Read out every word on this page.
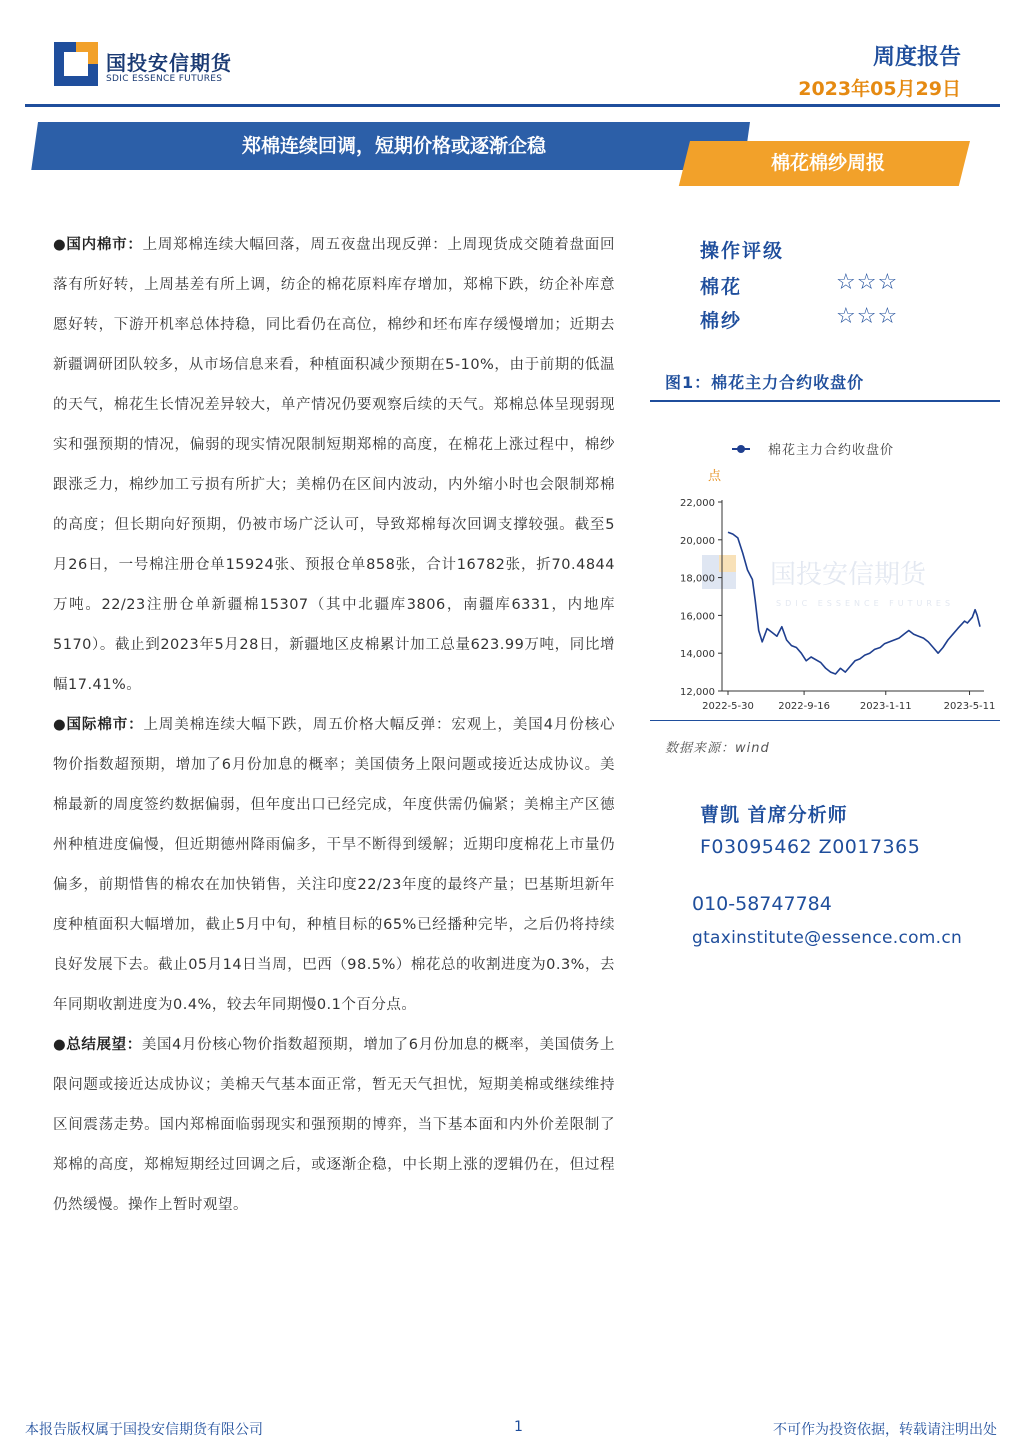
国投安信期货
SDIC ESSENCE FUTURES
周度报告
2023年05月29日
郑棉连续回调，短期价格或逐渐企稳
棉花棉纱周报

●国内棉市：上周郑棉连续大幅回落，周五夜盘出现反弹：上周现货成交随着盘面回落有所好转，上周基差有所上调，纺企的棉花原料库存增加，郑棉下跌，纺企补库意愿好转，下游开机率总体持稳，同比看仍在高位，棉纱和坯布库存缓慢增加；近期去新疆调研团队较多，从市场信息来看，种植面积减少预期在5-10%，由于前期的低温的天气，棉花生长情况差异较大，单产情况仍要观察后续的天气。郑棉总体呈现弱现实和强预期的情况，偏弱的现实情况限制短期郑棉的高度，在棉花上涨过程中，棉纱跟涨乏力，棉纱加工亏损有所扩大；美棉仍在区间内波动，内外缩小时也会限制郑棉的高度；但长期向好预期，仍被市场广泛认可，导致郑棉每次回调支撑较强。截至5月26日，一号棉注册仓单15924张、预报仓单858张，合计16782张，折70.4844万吨。22/23注册仓单新疆棉15307（其中北疆库3806，南疆库6331，内地库5170）。截止到2023年5月28日，新疆地区皮棉累计加工总量623.99万吨，同比增幅17.41%。

●国际棉市：上周美棉连续大幅下跌，周五价格大幅反弹：宏观上，美国4月份核心物价指数超预期，增加了6月份加息的概率；美国债务上限问题或接近达成协议。美棉最新的周度签约数据偏弱，但年度出口已经完成，年度供需仍偏紧；美棉主产区德州种植进度偏慢，但近期德州降雨偏多，干旱不断得到缓解；近期印度棉花上市量仍偏多，前期惜售的棉农在加快销售，关注印度22/23年度的最终产量；巴基斯坦新年度种植面积大幅增加，截止5月中旬，种植目标的65%已经播种完毕，之后仍将持续良好发展下去。截止05月14日当周，巴西（98.5%）棉花总的收割进度为0.3%，去年同期收割进度为0.4%，较去年同期慢0.1个百分点。

●总结展望：美国4月份核心物价指数超预期，增加了6月份加息的概率，美国债务上限问题或接近达成协议；美棉天气基本面正常，暂无天气担忧，短期美棉或继续维持区间震荡走势。国内郑棉面临弱现实和强预期的博弈，当下基本面和内外价差限制了郑棉的高度，郑棉短期经过回调之后，或逐渐企稳，中长期上涨的逻辑仍在，但过程仍然缓慢。操作上暂时观望。

操作评级
棉花	☆☆☆
棉纱	☆☆☆
图1：棉花主力合约收盘价
国投安信期货
SDIC ESSENCE FUTURES
棉花主力合约收盘价
点
12,000
14,000
16,000
18,000
20,000
22,000
2022-5-30 2022-9-16	2023-1-11	2023-5-11
数据来源：wind
曹凯 首席分析师
F03095462 Z0017365
010-58747784
gtaxinstitute@essence.com.cn
本报告版权属于国投安信期货有限公司	1	不可作为投资依据，转载请注明出处
